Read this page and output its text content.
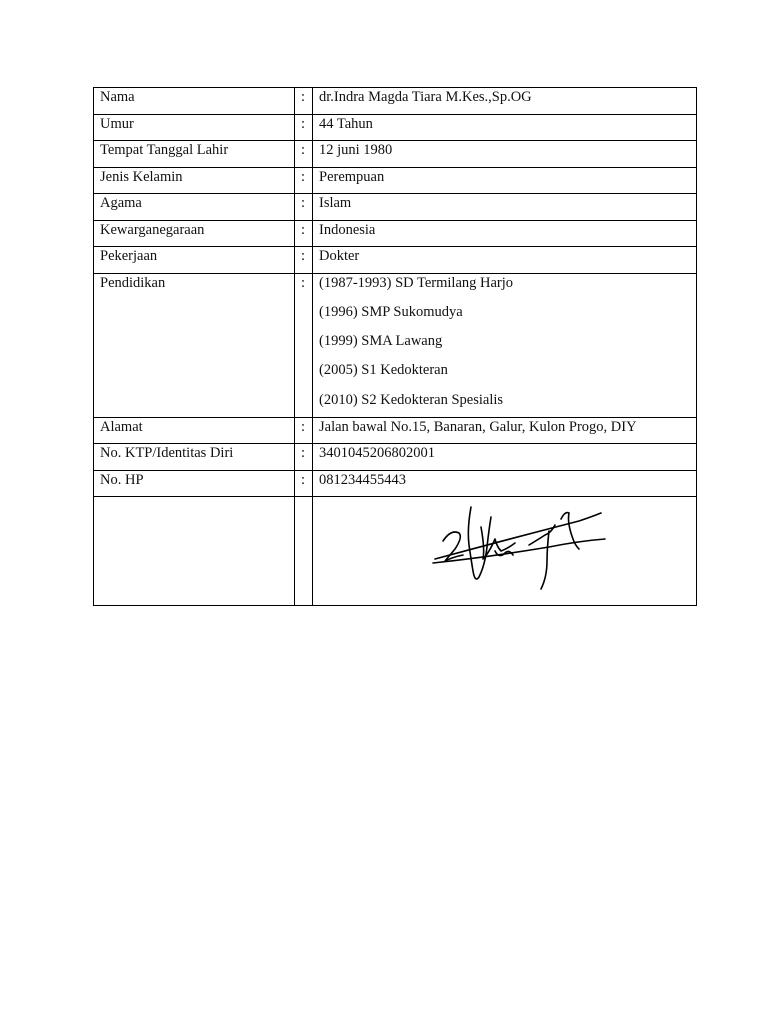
Nama	:	dr.Indra Magda Tiara M.Kes.,Sp.OG
Umur	:	44 Tahun
Tempat Tanggal Lahir	:	12 juni 1980
Jenis Kelamin	:	Perempuan
Agama	:	Islam
Kewarganegaraan	:	Indonesia
Pekerjaan	:	Dokter
Pendidikan	:	(1987-1993) SD Termilang Harjo
(1996) SMP Sukomudya
(1999) SMA Lawang
(2005) S1 Kedokteran
(2010) S2 Kedokteran Spesialis

Alamat	:	Jalan bawal No.15, Banaran, Galur, Kulon Progo, DIY
No. KTP/Identitas Diri	:	3401045206802001
No. HP	:	081234455443
